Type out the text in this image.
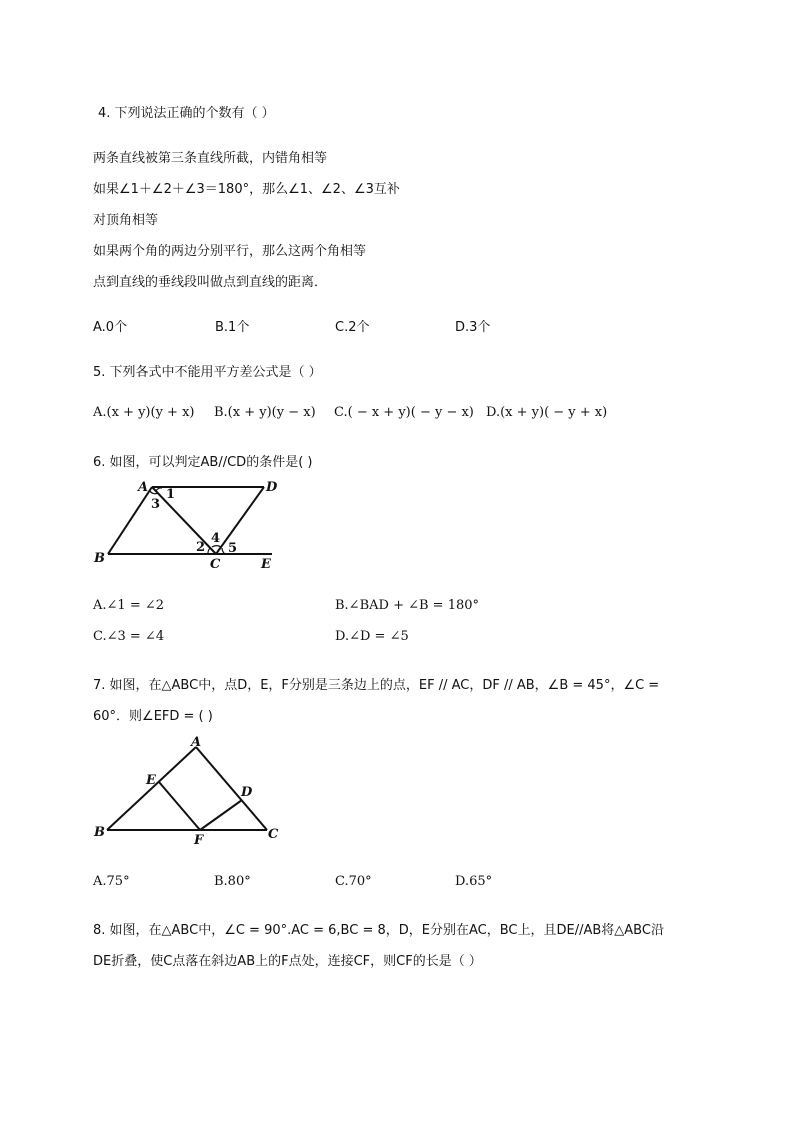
4. 下列说法正确的个数有（ ）
两条直线被第三条直线所截，内错角相等
如果∠1＋∠2＋∠3＝180°，那么∠1、∠2、∠3互补
对顶角相等
如果两个角的两边分别平行，那么这两个角相等
点到直线的垂线段叫做点到直线的距离．
A.0个	B.1个	C.2个	D.3个
5. 下列各式中不能用平方差公式是（ ）
A.(x + y)(y + x) B.(x + y)(y − x) C.( − x + y)( − y − x) D.(x + y)( − y + x)
6. 如图，可以判定AB//CD的条件是( )
A	D
B	C	E
1
2
3
4
5
A.∠1 = ∠2	B.∠BAD + ∠B = 180°
C.∠3 = ∠4	D.∠D = ∠5
7. 如图，在△ABC中，点D，E，F分别是三条边上的点，EF // AC，DF // AB，∠B = 45°，∠C =
60°．则∠EFD = ( )
A
E
D
B
F	C
A.75°	B.80°	C.70°	D.65°
8. 如图，在△ABC中，∠C = 90°.AC = 6,BC = 8，D，E分别在AC，BC上，且DE//AB将△ABC沿
DE折叠，使C点落在斜边AB上的F点处，连接CF，则CF的长是（ ）
